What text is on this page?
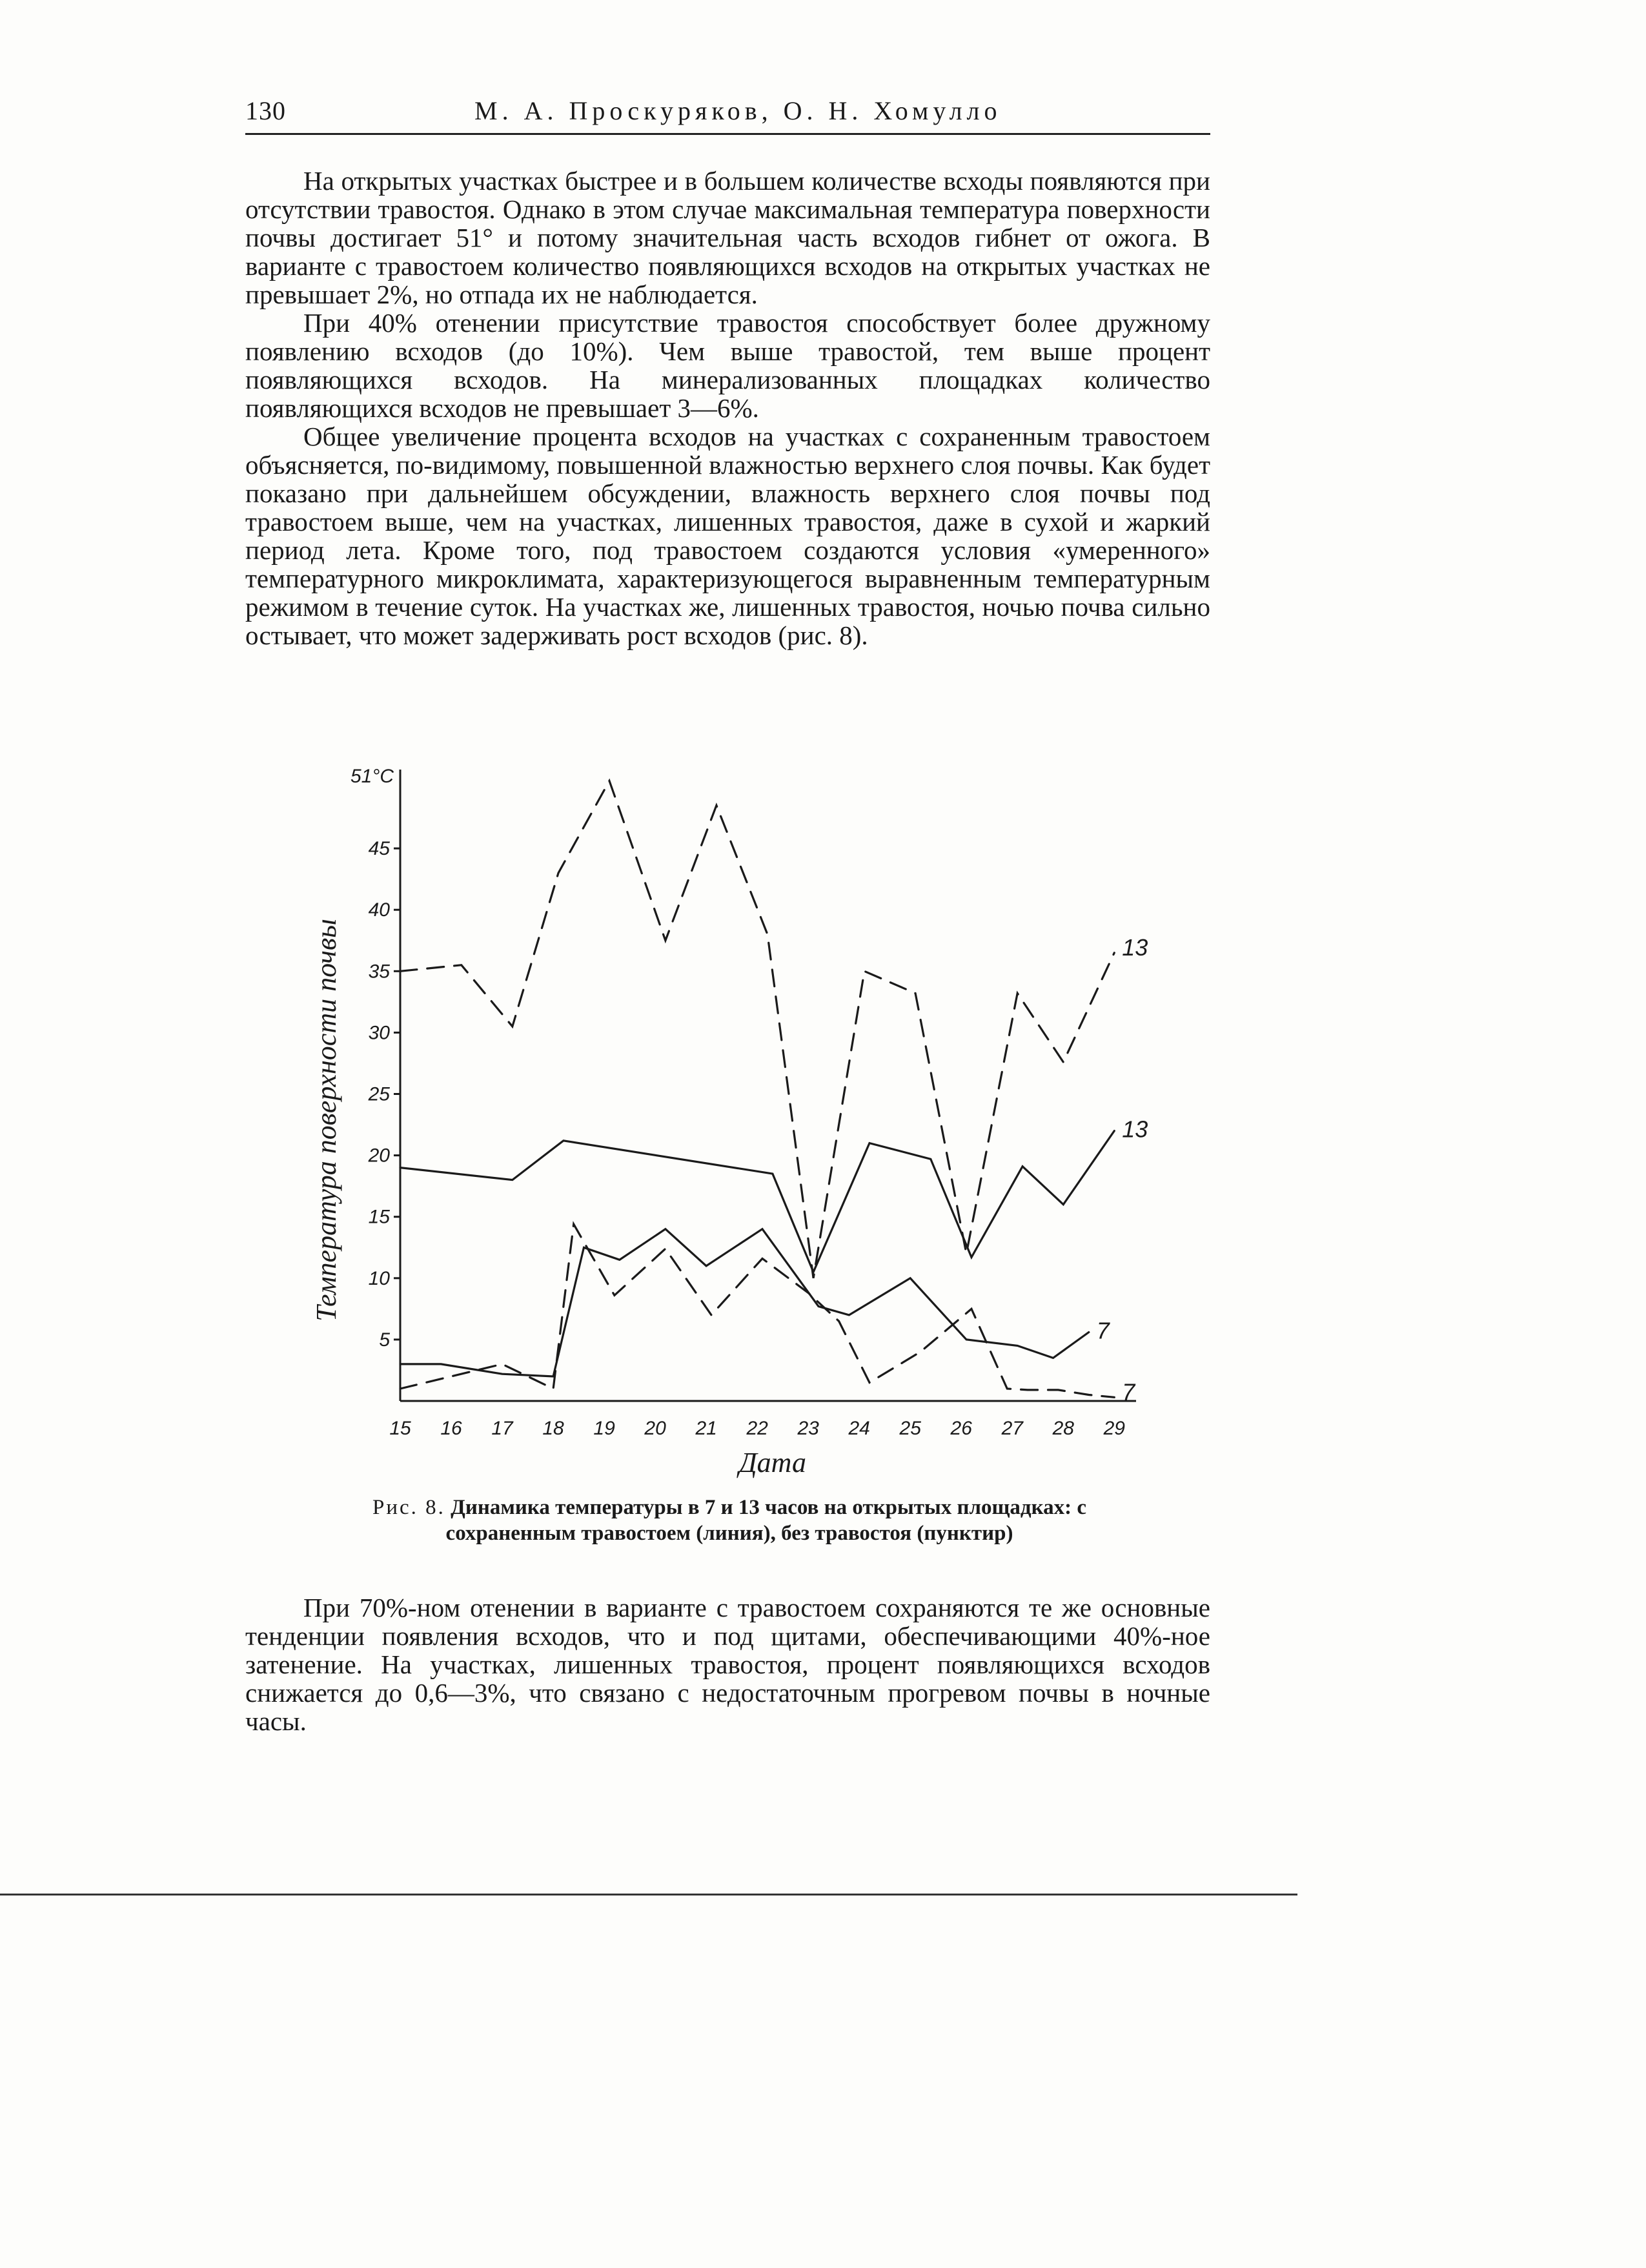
130	М. А. Проскуряков, О. Н. Хомулло

На открытых участках быстрее и в большем количестве всходы появляются при отсутствии травостоя. Однако в этом случае максимальная температура поверхности почвы достигает 51° и потому значительная часть всходов гибнет от ожога. В варианте с травостоем количество появляющихся всходов на открытых участках не превышает 2%, но отпада их не наблюдается.

При 40% отенении присутствие травостоя способствует более дружному появлению всходов (до 10%). Чем выше травостой, тем выше процент появляющихся всходов. На минерализованных площадках количество появляющихся всходов не превышает 3—6%.

Общее увеличение процента всходов на участках с сохраненным травостоем объясняется, по-видимому, повышенной влажностью верхнего слоя почвы. Как будет показано при дальнейшем обсуждении, влажность верхнего слоя почвы под травостоем выше, чем на участках, лишенных травостоя, даже в сухой и жаркий период лета. Кроме того, под травостоем создаются условия «умеренного» температурного микроклимата, характеризующегося выравненным температурным режимом в течение суток. На участках же, лишенных травостоя, ночью почва сильно остывает, что может задерживать рост всходов (рис. 8).

5
10
15
20
25
30
35
40
45
51°С
15 16 17 18 19 20 21 22 23 24 25 26 27 28 29
Дата
Температура поверхности почвы	13
13
7
7
Рис. 8. Динамика температуры в 7 и 13 часов на открытых площадках: с сохраненным травостоем (линия), без травостоя (пунктир)

При 70%-ном отенении в варианте с травостоем сохраняются те же основные тенденции появления всходов, что и под щитами, обеспечивающими 40%-ное затенение. На участках, лишенных травостоя, процент появляющихся всходов снижается до 0,6—3%, что связано с недостаточным прогревом почвы в ночные часы.
